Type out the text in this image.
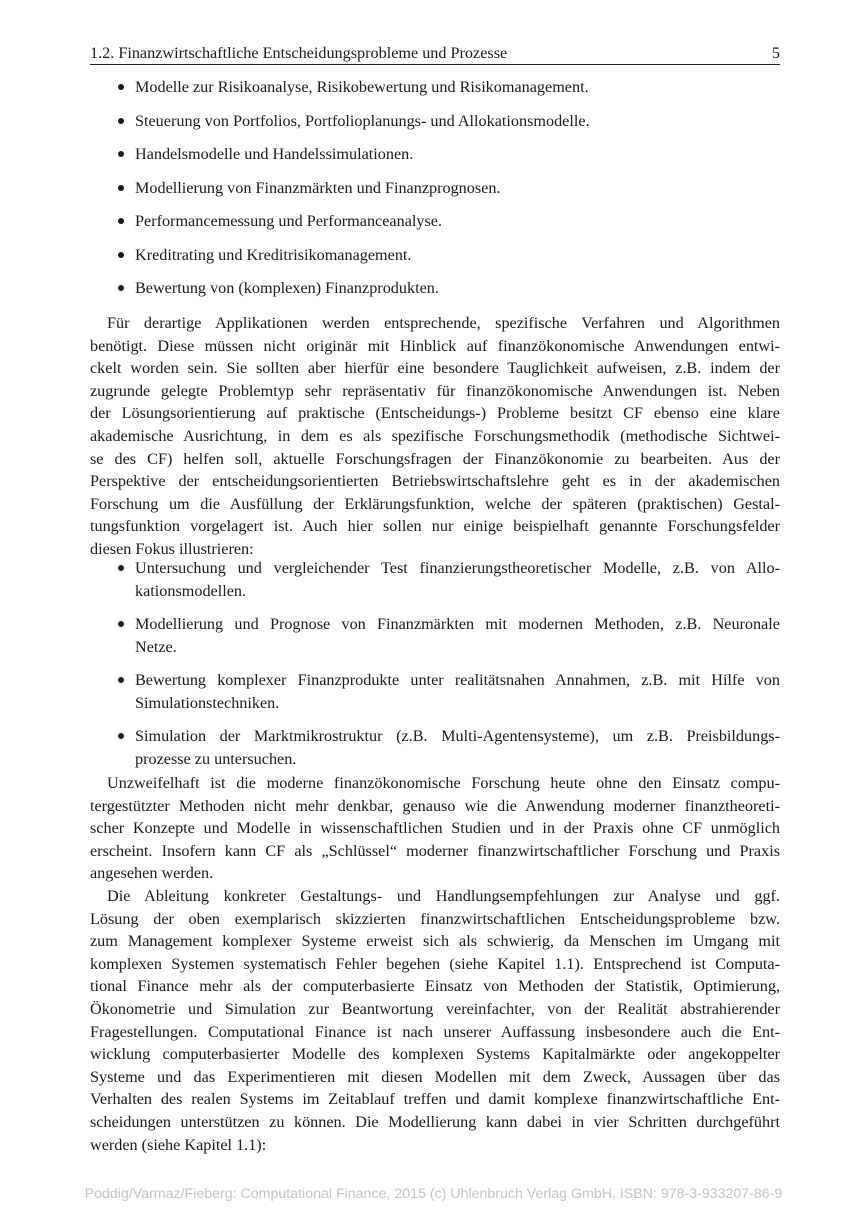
1.2. Finanzwirtschaftliche Entscheidungsprobleme und Prozesse	5
Modelle zur Risikoanalyse, Risikobewertung und Risikomanagement.
Steuerung von Portfolios, Portfolioplanungs- und Allokationsmodelle.
Handelsmodelle und Handelssimulationen.
Modellierung von Finanzmärkten und Finanzprognosen.
Performancemessung und Performanceanalyse.
Kreditrating und Kreditrisikomanagement.
Bewertung von (komplexen) Finanzprodukten.
Für derartige Applikationen werden entsprechende, spezifische Verfahren und Algorithmen
benötigt. Diese müssen nicht originär mit Hinblick auf finanzökonomische Anwendungen entwi-
ckelt worden sein. Sie sollten aber hierfür eine besondere Tauglichkeit aufweisen, z.B. indem der
zugrunde gelegte Problemtyp sehr repräsentativ für finanzökonomische Anwendungen ist. Neben
der Lösungsorientierung auf praktische (Entscheidungs-) Probleme besitzt CF ebenso eine klare
akademische Ausrichtung, in dem es als spezifische Forschungsmethodik (methodische Sichtwei-
se des CF) helfen soll, aktuelle Forschungsfragen der Finanzökonomie zu bearbeiten. Aus der
Perspektive der entscheidungsorientierten Betriebswirtschaftslehre geht es in der akademischen
Forschung um die Ausfüllung der Erklärungsfunktion, welche der späteren (praktischen) Gestal-
tungsfunktion vorgelagert ist. Auch hier sollen nur einige beispielhaft genannte Forschungsfelder
diesen Fokus illustrieren:
Untersuchung und vergleichender Test finanzierungstheoretischer Modelle, z.B. von Allo-
kationsmodellen.
Modellierung und Prognose von Finanzmärkten mit modernen Methoden, z.B. Neuronale
Netze.
Bewertung komplexer Finanzprodukte unter realitätsnahen Annahmen, z.B. mit Hilfe von
Simulationstechniken.
Simulation der Marktmikrostruktur (z.B. Multi-Agentensysteme), um z.B. Preisbildungs-
prozesse zu untersuchen.
Unzweifelhaft ist die moderne finanzökonomische Forschung heute ohne den Einsatz compu-
tergestützter Methoden nicht mehr denkbar, genauso wie die Anwendung moderner finanztheoreti-
scher Konzepte und Modelle in wissenschaftlichen Studien und in der Praxis ohne CF unmöglich
erscheint. Insofern kann CF als „Schlüssel“ moderner finanzwirtschaftlicher Forschung und Praxis
angesehen werden.
Die Ableitung konkreter Gestaltungs- und Handlungsempfehlungen zur Analyse und ggf.
Lösung der oben exemplarisch skizzierten finanzwirtschaftlichen Entscheidungsprobleme bzw.
zum Management komplexer Systeme erweist sich als schwierig, da Menschen im Umgang mit
komplexen Systemen systematisch Fehler begehen (siehe Kapitel 1.1). Entsprechend ist Computa-
tional Finance mehr als der computerbasierte Einsatz von Methoden der Statistik, Optimierung,
Ökonometrie und Simulation zur Beantwortung vereinfachter, von der Realität abstrahierender
Fragestellungen. Computational Finance ist nach unserer Auffassung insbesondere auch die Ent-
wicklung computerbasierter Modelle des komplexen Systems Kapitalmärkte oder angekoppelter
Systeme und das Experimentieren mit diesen Modellen mit dem Zweck, Aussagen über das
Verhalten des realen Systems im Zeitablauf treffen und damit komplexe finanzwirtschaftliche Ent-
scheidungen unterstützen zu können. Die Modellierung kann dabei in vier Schritten durchgeführt
werden (siehe Kapitel 1.1):
Poddig/Varmaz/Fieberg: Computational Finance, 2015 (c) Uhlenbruch Verlag GmbH, ISBN: 978-3-933207-86-9
